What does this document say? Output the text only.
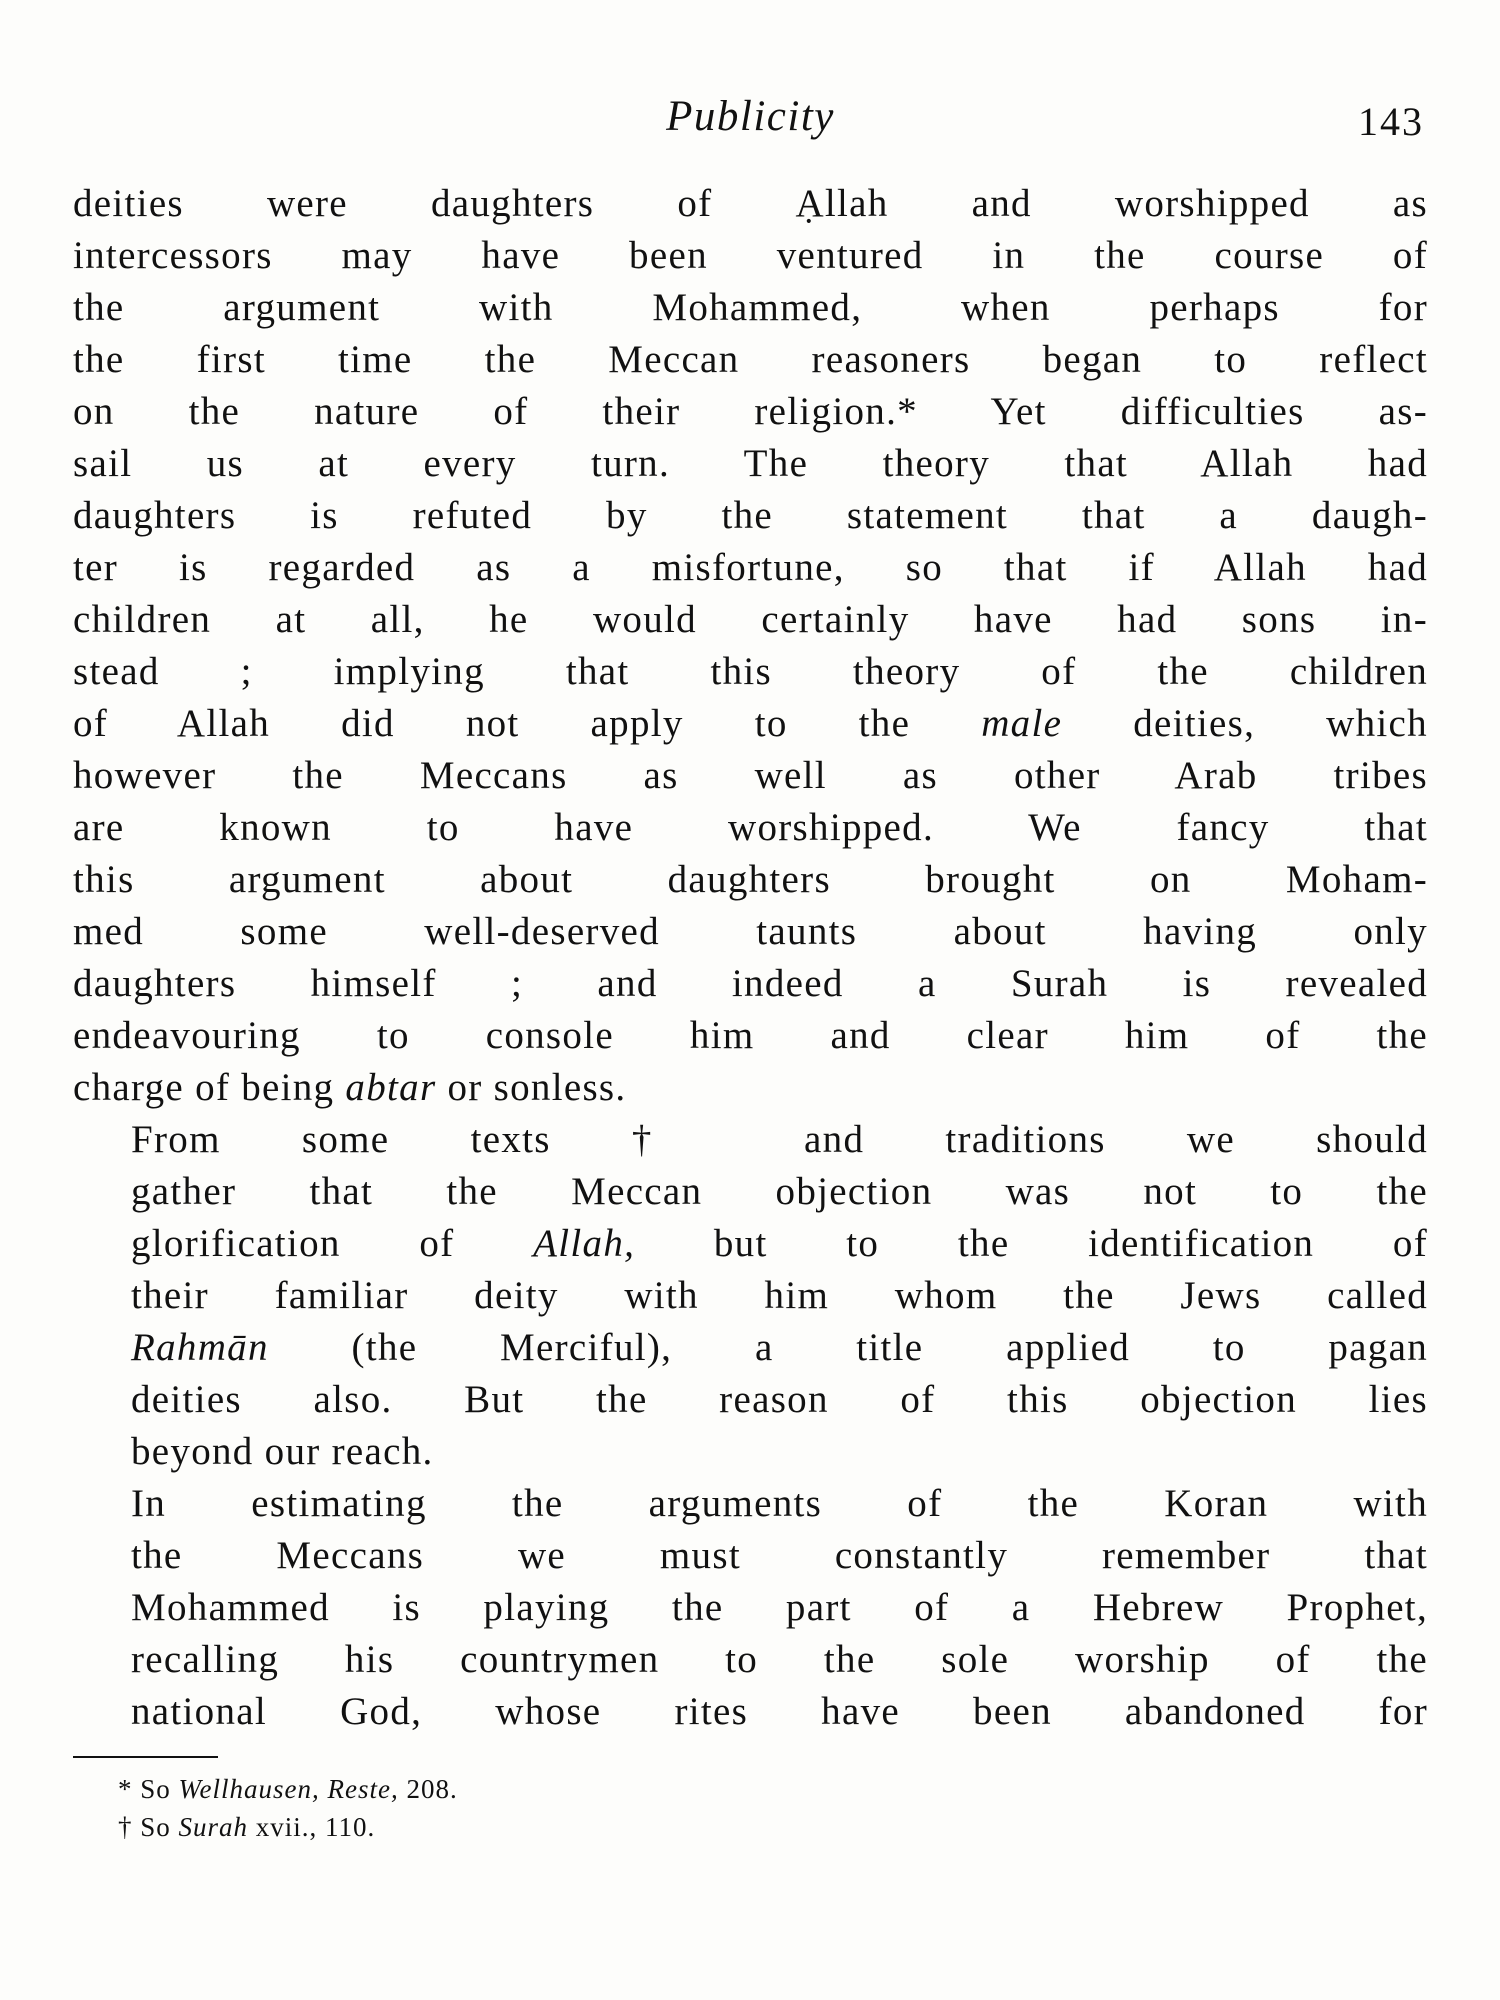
Publicity	143

deities were daughters of Ạllah and worshipped as
intercessors may have been ventured in the course of
the argument with Mohammed, when perhaps for
the first time the Meccan reasoners began to reflect
on the nature of their religion.* Yet difficulties as-
sail us at every turn. The theory that Allah had
daughters is refuted by the statement that a daugh-
ter is regarded as a misfortune, so that if Allah had
children at all, he would certainly have had sons in-
stead ; implying that this theory of the children
of Allah did not apply to the male deities, which
however the Meccans as well as other Arab tribes
are known to have worshipped. We fancy that
this argument about daughters brought on Moham-
med some well-deserved taunts about having only
daughters himself ; and indeed a Surah is revealed
endeavouring to console him and clear him of the
charge of being abtar or sonless.

From some texts † and traditions we should
gather that the Meccan objection was not to the
glorification of Allah, but to the identification of
their familiar deity with him whom the Jews called
Rahmān (the Merciful), a title applied to pagan
deities also. But the reason of this objection lies
beyond our reach.

In estimating the arguments of the Koran with
the Meccans we must constantly remember that
Mohammed is playing the part of a Hebrew Prophet,
recalling his countrymen to the sole worship of the
national God, whose rites have been abandoned for

* So Wellhausen, Reste, 208.
† So Surah xvii., 110.
